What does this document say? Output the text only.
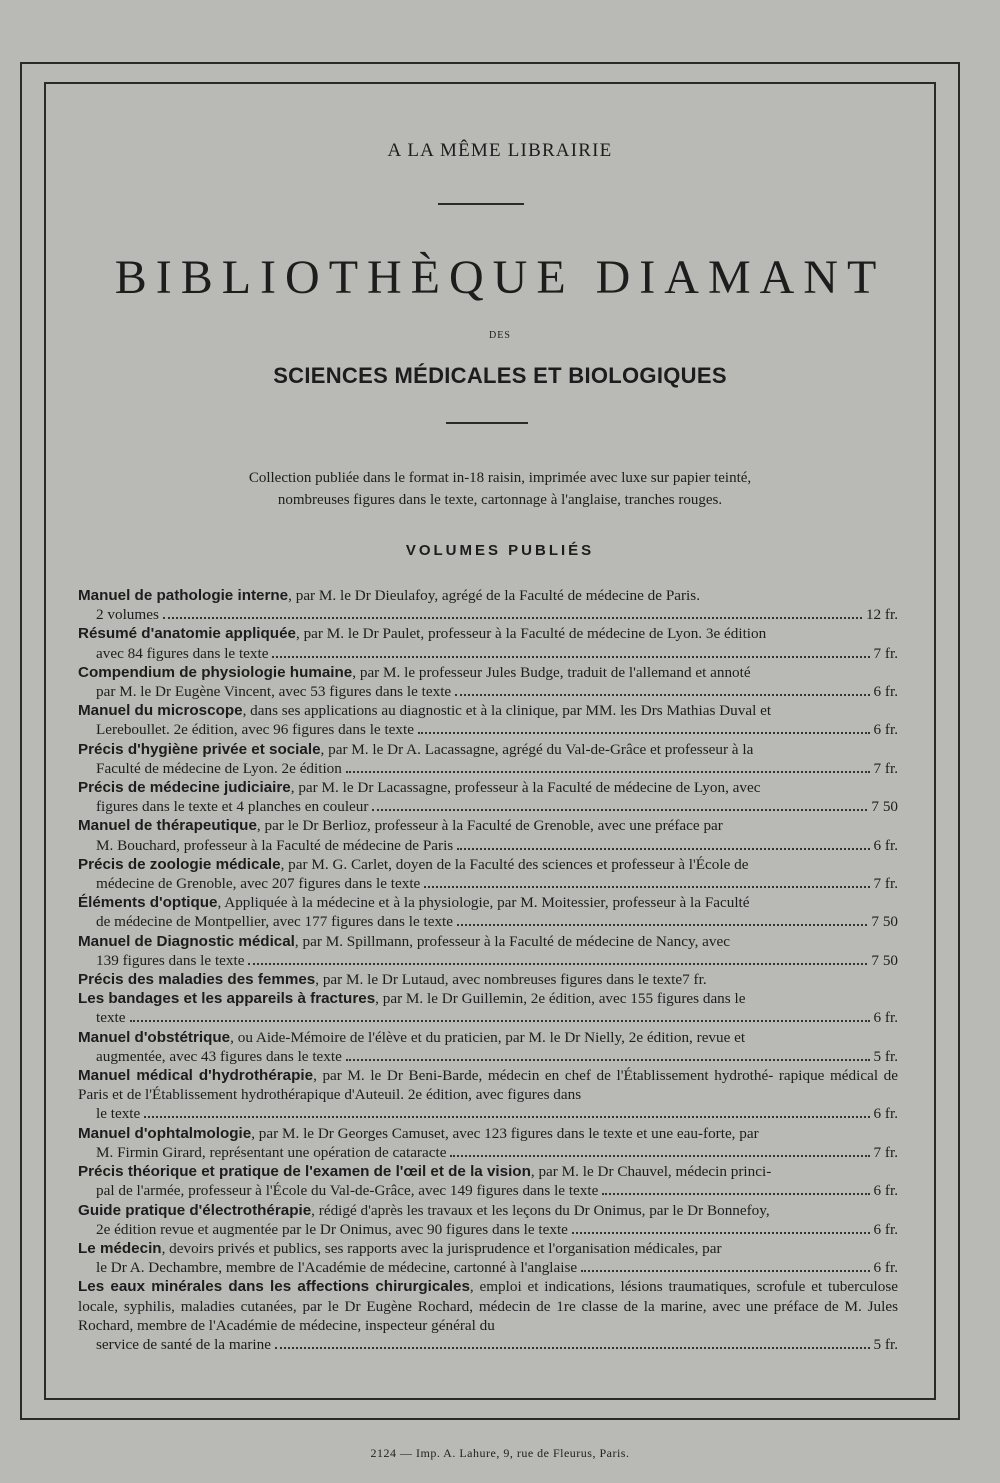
A LA MÊME LIBRAIRIE
BIBLIOTHÈQUE DIAMANT
DES
SCIENCES MÉDICALES ET BIOLOGIQUES
Collection publiée dans le format in-18 raisin, imprimée avec luxe sur papier teinté,
nombreuses figures dans le texte, cartonnage à l'anglaise, tranches rouges.
VOLUMES PUBLIÉS
Manuel de pathologie interne, par M. le Dr Dieulafoy, agrégé de la Faculté de médecine de Paris.
2 volumes	12 fr.
Résumé d'anatomie appliquée, par M. le Dr Paulet, professeur à la Faculté de médecine de Lyon. 3e édition
avec 84 figures dans le texte	7 fr.
Compendium de physiologie humaine, par M. le professeur Jules Budge, traduit de l'allemand et annoté
par M. le Dr Eugène Vincent, avec 53 figures dans le texte	6 fr.
Manuel du microscope, dans ses applications au diagnostic et à la clinique, par MM. les Drs Mathias Duval et
Lereboullet. 2e édition, avec 96 figures dans le texte	6 fr.
Précis d'hygiène privée et sociale, par M. le Dr A. Lacassagne, agrégé du Val-de-Grâce et professeur à la
Faculté de médecine de Lyon. 2e édition	7 fr.
Précis de médecine judiciaire, par M. le Dr Lacassagne, professeur à la Faculté de médecine de Lyon, avec
figures dans le texte et 4 planches en couleur	7 50
Manuel de thérapeutique, par le Dr Berlioz, professeur à la Faculté de Grenoble, avec une préface par
M. Bouchard, professeur à la Faculté de médecine de Paris	6 fr.
Précis de zoologie médicale, par M. G. Carlet, doyen de la Faculté des sciences et professeur à l'École de
médecine de Grenoble, avec 207 figures dans le texte	7 fr.
Éléments d'optique, Appliquée à la médecine et à la physiologie, par M. Moitessier, professeur à la Faculté
de médecine de Montpellier, avec 177 figures dans le texte	7 50
Manuel de Diagnostic médical, par M. Spillmann, professeur à la Faculté de médecine de Nancy, avec
139 figures dans le texte	7 50
Précis des maladies des femmes, par M. le Dr Lutaud, avec nombreuses figures dans le texte 7 fr.
Les bandages et les appareils à fractures, par M. le Dr Guillemin, 2e édition, avec 155 figures dans le
texte	6 fr.
Manuel d'obstétrique, ou Aide-Mémoire de l'élève et du praticien, par M. le Dr Nielly, 2e édition, revue et
augmentée, avec 43 figures dans le texte	5 fr.
Manuel médical d'hydrothérapie, par M. le Dr Beni-Barde, médecin en chef de l'Établissement hydrothé- rapique médical de Paris et de l'Établissement hydrothérapique d'Auteuil. 2e édition, avec figures dans
le texte	6 fr.
Manuel d'ophtalmologie, par M. le Dr Georges Camuset, avec 123 figures dans le texte et une eau-forte, par
M. Firmin Girard, représentant une opération de cataracte	7 fr.
Précis théorique et pratique de l'examen de l'œil et de la vision, par M. le Dr Chauvel, médecin princi-
pal de l'armée, professeur à l'École du Val-de-Grâce, avec 149 figures dans le texte	6 fr.
Guide pratique d'électrothérapie, rédigé d'après les travaux et les leçons du Dr Onimus, par le Dr Bonnefoy,
2e édition revue et augmentée par le Dr Onimus, avec 90 figures dans le texte	6 fr.
Le médecin, devoirs privés et publics, ses rapports avec la jurisprudence et l'organisation médicales, par
le Dr A. Dechambre, membre de l'Académie de médecine, cartonné à l'anglaise	6 fr.
Les eaux minérales dans les affections chirurgicales, emploi et indications, lésions traumatiques, scrofule et tuberculose locale, syphilis, maladies cutanées, par le Dr Eugène Rochard, médecin de 1re classe de la marine, avec une préface de M. Jules Rochard, membre de l'Académie de médecine, inspecteur général du
service de santé de la marine	5 fr.
2124 — Imp. A. Lahure, 9, rue de Fleurus, Paris.
